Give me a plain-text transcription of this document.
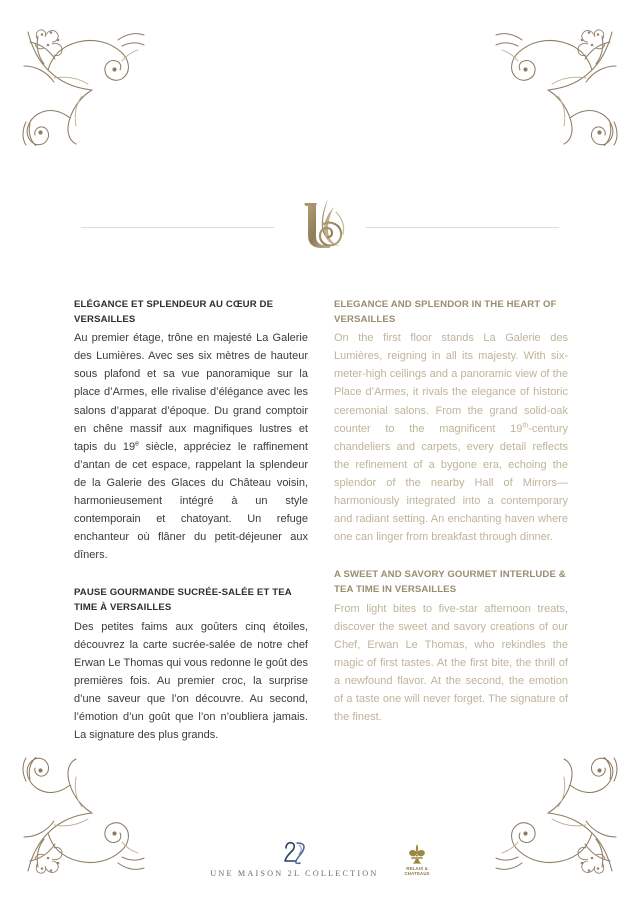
ELÉGANCE ET SPLENDEUR AU CŒUR DE VERSAILLES

Au premier étage, trône en majesté La Galerie des Lumières. Avec ses six mètres de hauteur sous plafond et sa vue panoramique sur la place d’Armes, elle rivalise d’élégance avec les salons d’apparat d’époque. Du grand comptoir en chêne massif aux magnifiques lustres et tapis du 19e siècle, appréciez le raffinement d’antan de cet espace, rappelant la splendeur de la Galerie des Glaces du Château voisin, harmonieusement intégré à un style contemporain et chatoyant. Un refuge enchanteur où flâner du petit-déjeuner aux dîners.

PAUSE GOURMANDE SUCRÉE-SALÉE ET TEA TIME À VERSAILLES

Des petites faims aux goûters cinq étoiles, découvrez la carte sucrée-salée de notre chef Erwan Le Thomas qui vous redonne le goût des premières fois. Au premier croc, la surprise d’une saveur que l’on découvre. Au second, l’émotion d’un goût que l’on n’oubliera jamais. La signature des plus grands.

ELEGANCE AND SPLENDOR IN THE HEART OF VERSAILLES

On the first floor stands La Galerie des Lumières, reigning in all its majesty. With six-meter-high ceilings and a panoramic view of the Place d’Armes, it rivals the elegance of historic ceremonial salons. From the grand solid-oak counter to the magnificent 19th-century chandeliers and carpets, every detail reflects the refinement of a bygone era, echoing the splendor of the nearby Hall of Mirrors—harmoniously integrated into a contemporary and radiant setting. An enchanting haven where one can linger from breakfast through dinner.

A SWEET AND SAVORY GOURMET INTERLUDE & TEA TIME IN VERSAILLES

From light bites to five-star afternoon treats, discover the sweet and savory creations of our Chef, Erwan Le Thomas, who rekindles the magic of first tastes. At the first bite, the thrill of a newfound flavor. At the second, the emotion of a taste one will never forget. The signature of the finest.

UNE MAISON 2L COLLECTION
RELAIS &
CHATEAUX
